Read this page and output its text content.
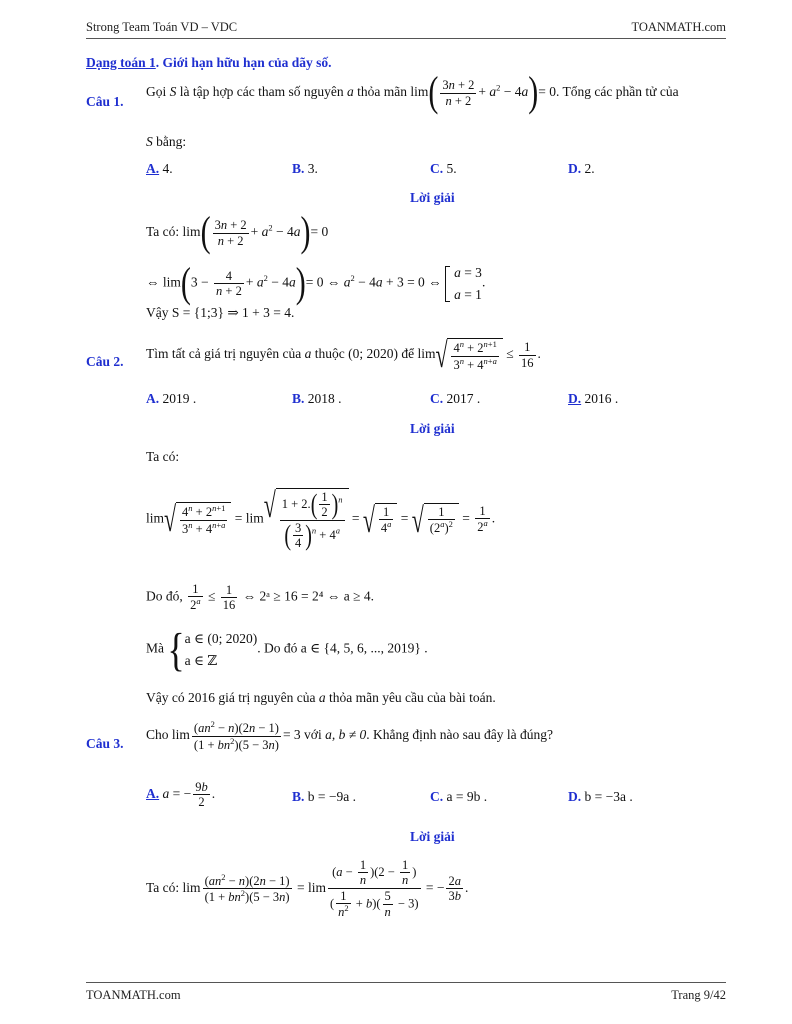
Strong Team Toán VD – VDC	TOANMATH.com
Dạng toán 1. Giới hạn hữu hạn của dãy số.
Câu 1.
Gọi S là tập hợp các tham số nguyên a thỏa mãn $\lim( \frac{3n + 2}{n + 2} + a^2 - 4a)= 0$. Tổng các phần tử của
S bằng:
A. 4.	B. 3.	C. 5.	D. 2.
Lời giải
Ta có: $\lim( \frac{3n + 2}{n + 2} + a^2 - 4a)= 0$
⇔ $\lim(3 - \frac{4}{n + 2} + a^2 - 4a)= 0$ ⇔ $a^2 - 4a + 3 = 0$ ⇔ a = 3
a = 1.
Vậy S = {1;3} ⇒ 1 + 3 = 4.
Câu 2.
Tìm tất cả giá trị nguyên của a thuộc (0; 2020) để lim √ $\frac{4^n + 2^{n+1}}{3^n + 4^{n+a}} \le \frac{1}{16}$ .
A. 2019 .	B. 2018 .	C. 2017 .	D. 2016 .
Lời giải
Ta có:
lim √ $\frac{4^n + 2^{n+1}}{3^n + 4^{n+a}} = \lim$ √ $\frac{1 + 2.( \frac{1}{2} )^n}{( \frac{3}{4} )^n + 4^a}$ = √ $\frac{1}{4^a}$ = √ $\frac{1}{(2^a)^2} = \frac{1}{2^a}$ .
Do đó, $\frac{1}{2^a} \le \frac{1}{16}$ ⇔ 2ᵃ ≥ 16 = 2⁴ ⇔ a ≥ 4.
Mà {a ∈ (0; 2020)
a ∈ ℤ. Do đó a ∈ {4, 5, 6, ..., 2019} .
Vậy có 2016 giá trị nguyên của a thỏa mãn yêu cầu của bài toán.
Câu 3.
Cho $\lim \frac{(an^2 - n)(2n - 1)}{(1 + bn^2)(5 - 3n)} = 3$ với a, b ≠ 0. Khẳng định nào sau đây là đúng?
A. a = − $\frac{9b}{2}$ .	B. b = −9a .	C. a = 9b .	D. b = −3a .
Lời giải
Ta có: $\lim \frac{(an^2 - n)(2n - 1)}{(1 + bn^2)(5 - 3n)} = \lim \frac{(a - \frac{1}{n} )(2 - \frac{1}{n} )}{( \frac{1}{n^2} + b)( \frac{5}{n} - 3)}$ = − $\frac{2a}{3b}$ .
TOANMATH.com	Trang 9/42
